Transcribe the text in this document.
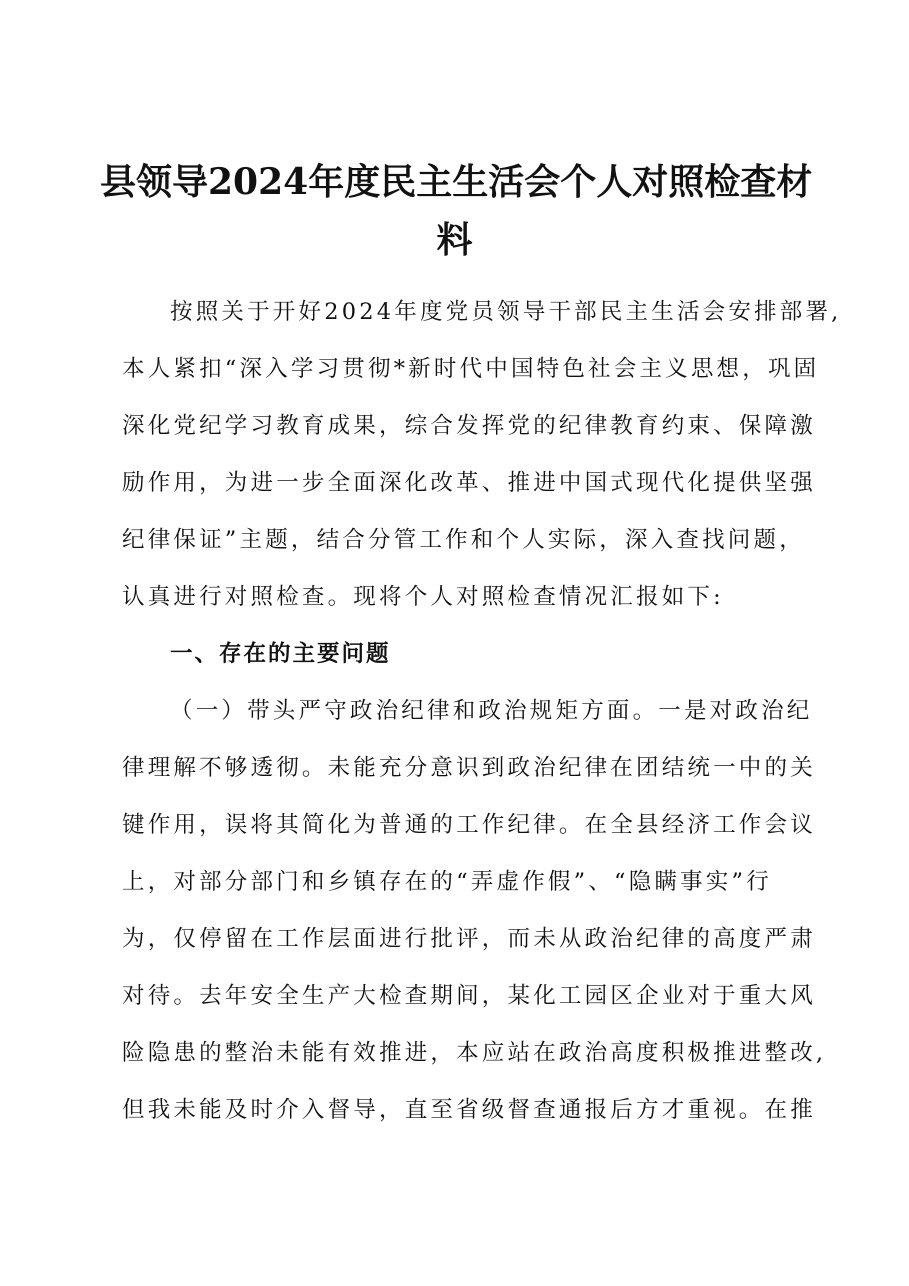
县领导2024年度民主生活会个人对照检查材
料

按照关于开好2024年度党员领导干部民主生活会安排部署,

本人紧扣“深入学习贯彻*新时代中国特色社会主义思想，巩固

深化党纪学习教育成果，综合发挥党的纪律教育约束、保障激

励作用，为进一步全面深化改革、推进中国式现代化提供坚强

纪律保证”主题，结合分管工作和个人实际，深入查找问题，

认真进行对照检查。现将个人对照检查情况汇报如下:

一、存在的主要问题

（一）带头严守政治纪律和政治规矩方面。一是对政治纪

律理解不够透彻。未能充分意识到政治纪律在团结统一中的关

键作用，误将其简化为普通的工作纪律。在全县经济工作会议

上，对部分部门和乡镇存在的“弄虚作假”、“隐瞒事实”行

为，仅停留在工作层面进行批评，而未从政治纪律的高度严肃

对待。去年安全生产大检查期间，某化工园区企业对于重大风

险隐患的整治未能有效推进，本应站在政治高度积极推进整改,

但我未能及时介入督导，直至省级督查通报后方才重视。在推
